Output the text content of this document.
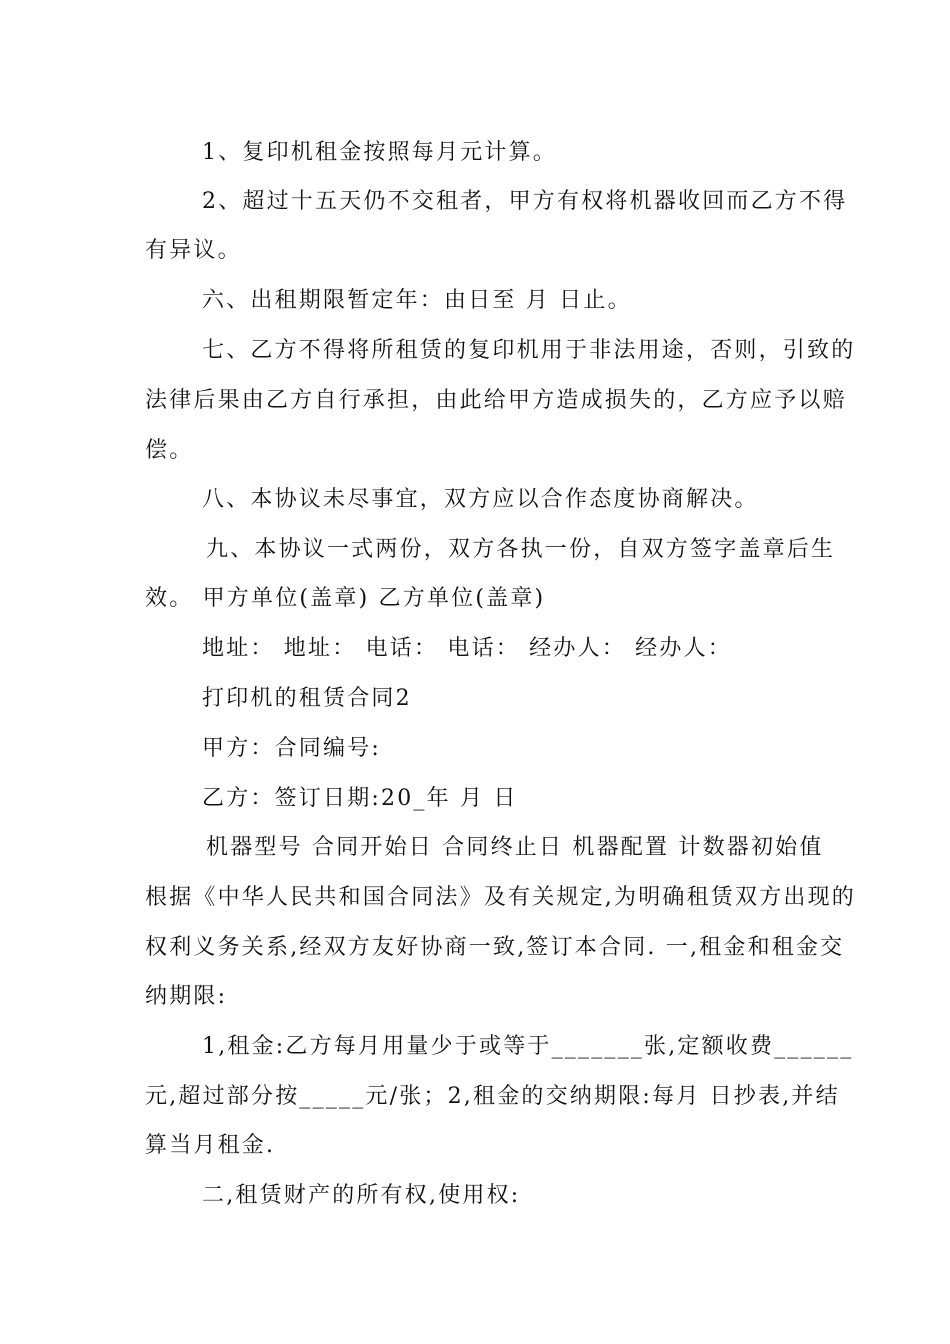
1、复印机租金按照每月元计算。
2、超过十五天仍不交租者，甲方有权将机器收回而乙方不得
有异议。
六、出租期限暂定年：由日至 月 日止。
七、乙方不得将所租赁的复印机用于非法用途，否则，引致的
法律后果由乙方自行承担，由此给甲方造成损失的，乙方应予以赔
偿。
八、本协议未尽事宜，双方应以合作态度协商解决。
九、本协议一式两份，双方各执一份，自双方签字盖章后生
效。 甲方单位(盖章) 乙方单位(盖章)
地址： 地址： 电话： 电话： 经办人： 经办人：
打印机的租赁合同2
甲方：合同编号:
乙方：签订日期:20_年 月 日
机器型号 合同开始日 合同终止日 机器配置 计数器初始值
根据《中华人民共和国合同法》及有关规定,为明确租赁双方出现的
权利义务关系,经双方友好协商一致,签订本合同. 一,租金和租金交
纳期限:
1,租金:乙方每月用量少于或等于_______张,定额收费______
元,超过部分按_____元/张；2,租金的交纳期限:每月 日抄表,并结
算当月租金.
二,租赁财产的所有权,使用权:
